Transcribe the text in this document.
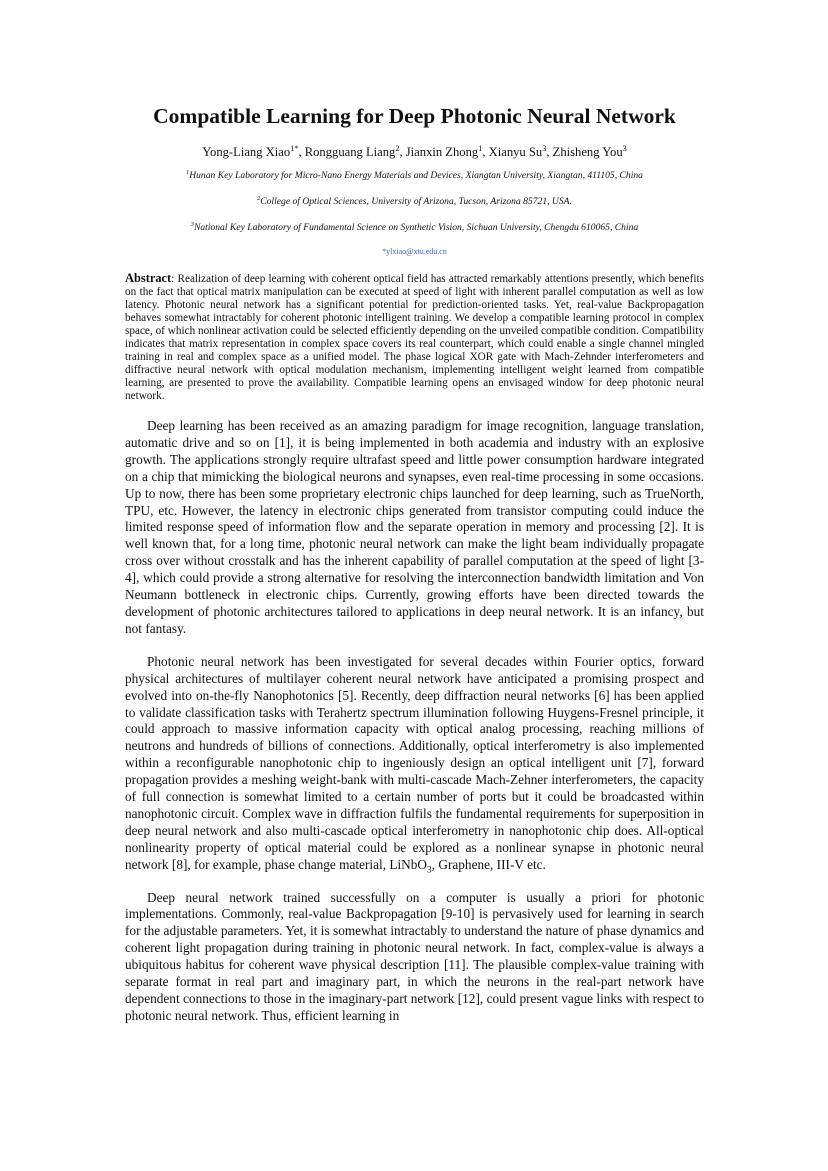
Compatible Learning for Deep Photonic Neural Network
Yong-Liang Xiao$^{1*}$, Rongguang Liang$^2$, Jianxin Zhong$^1$, Xianyu Su$^3$, Zhisheng You$^3$
$^1$Hunan Key Laboratory for Micro-Nano Energy Materials and Devices, Xiangtan University, Xiangtan, 411105, China
$^2$College of Optical Sciences, University of Arizona, Tucson, Arizona 85721, USA.
$^3$National Key Laboratory of Fundamental Science on Synthetic Vision, Sichuan University, Chengdu 610065, China
*ylxiao@xtu.edu.cn

Abstract: Realization of deep learning with coherent optical field has attracted remarkably attentions presently, which benefits on the fact that optical matrix manipulation can be executed at speed of light with inherent parallel computation as well as low latency. Photonic neural network has a significant potential for prediction-oriented tasks. Yet, real-value Backpropagation behaves somewhat intractably for coherent photonic intelligent training. We develop a compatible learning protocol in complex space, of which nonlinear activation could be selected efficiently depending on the unveiled compatible condition. Compatibility indicates that matrix representation in complex space covers its real counterpart, which could enable a single channel mingled training in real and complex space as a unified model. The phase logical XOR gate with Mach-Zehnder interferometers and diffractive neural network with optical modulation mechanism, implementing intelligent weight learned from compatible learning, are presented to prove the availability. Compatible learning opens an envisaged window for deep photonic neural network.

Deep learning has been received as an amazing paradigm for image recognition, language translation, automatic drive and so on [1], it is being implemented in both academia and industry with an explosive growth. The applications strongly require ultrafast speed and little power consumption hardware integrated on a chip that mimicking the biological neurons and synapses, even real-time processing in some occasions. Up to now, there has been some proprietary electronic chips launched for deep learning, such as TrueNorth, TPU, etc. However, the latency in electronic chips generated from transistor computing could induce the limited response speed of information flow and the separate operation in memory and processing [2]. It is well known that, for a long time, photonic neural network can make the light beam individually propagate cross over without crosstalk and has the inherent capability of parallel computation at the speed of light [3-4], which could provide a strong alternative for resolving the interconnection bandwidth limitation and Von Neumann bottleneck in electronic chips. Currently, growing efforts have been directed towards the development of photonic architectures tailored to applications in deep neural network. It is an infancy, but not fantasy.

Photonic neural network has been investigated for several decades within Fourier optics, forward physical architectures of multilayer coherent neural network have anticipated a promising prospect and evolved into on-the-fly Nanophotonics [5]. Recently, deep diffraction neural networks [6] has been applied to validate classification tasks with Terahertz spectrum illumination following Huygens-Fresnel principle, it could approach to massive information capacity with optical analog processing, reaching millions of neutrons and hundreds of billions of connections. Additionally, optical interferometry is also implemented within a reconfigurable nanophotonic chip to ingeniously design an optical intelligent unit [7], forward propagation provides a meshing weight-bank with multi-cascade Mach-Zehner interferometers, the capacity of full connection is somewhat limited to a certain number of ports but it could be broadcasted within nanophotonic circuit. Complex wave in diffraction fulfils the fundamental requirements for superposition in deep neural network and also multi-cascade optical interferometry in nanophotonic chip does. All-optical nonlinearity property of optical material could be explored as a nonlinear synapse in photonic neural network [8], for example, phase change material, LiNbO$_3$, Graphene, III-V etc.

Deep neural network trained successfully on a computer is usually a priori for photonic implementations. Commonly, real-value Backpropagation [9-10] is pervasively used for learning in search for the adjustable parameters. Yet, it is somewhat intractably to understand the nature of phase dynamics and coherent light propagation during training in photonic neural network. In fact, complex-value is always a ubiquitous habitus for coherent wave physical description [11]. The plausible complex-value training with separate format in real part and imaginary part, in which the neurons in the real-part network have dependent connections to those in the imaginary-part network [12], could present vague links with respect to photonic neural network. Thus, efficient learning in
